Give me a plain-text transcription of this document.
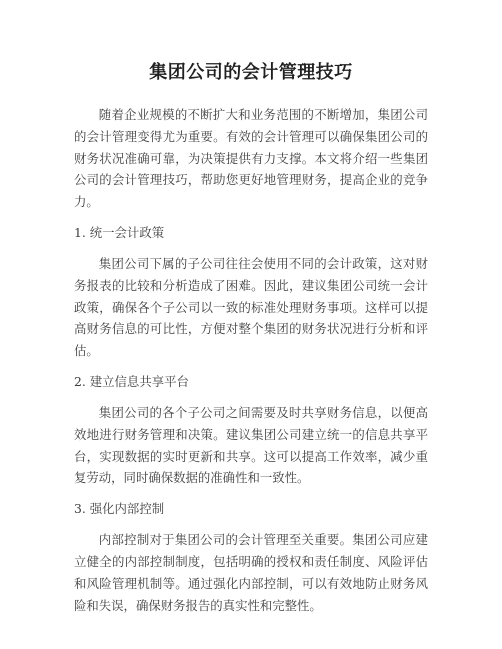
集团公司的会计管理技巧

随着企业规模的不断扩大和业务范围的不断增加，集团公司的会计管理变得尤为重要。有效的会计管理可以确保集团公司的财务状况准确可靠，为决策提供有力支撑。本文将介绍一些集团公司的会计管理技巧，帮助您更好地管理财务，提高企业的竞争力。

1. 统一会计政策

集团公司下属的子公司往往会使用不同的会计政策，这对财务报表的比较和分析造成了困难。因此，建议集团公司统一会计政策，确保各个子公司以一致的标准处理财务事项。这样可以提高财务信息的可比性，方便对整个集团的财务状况进行分析和评估。

2. 建立信息共享平台

集团公司的各个子公司之间需要及时共享财务信息，以便高效地进行财务管理和决策。建议集团公司建立统一的信息共享平台，实现数据的实时更新和共享。这可以提高工作效率，减少重复劳动，同时确保数据的准确性和一致性。

3. 强化内部控制

内部控制对于集团公司的会计管理至关重要。集团公司应建立健全的内部控制制度，包括明确的授权和责任制度、风险评估和风险管理机制等。通过强化内部控制，可以有效地防止财务风险和失误，确保财务报告的真实性和完整性。
